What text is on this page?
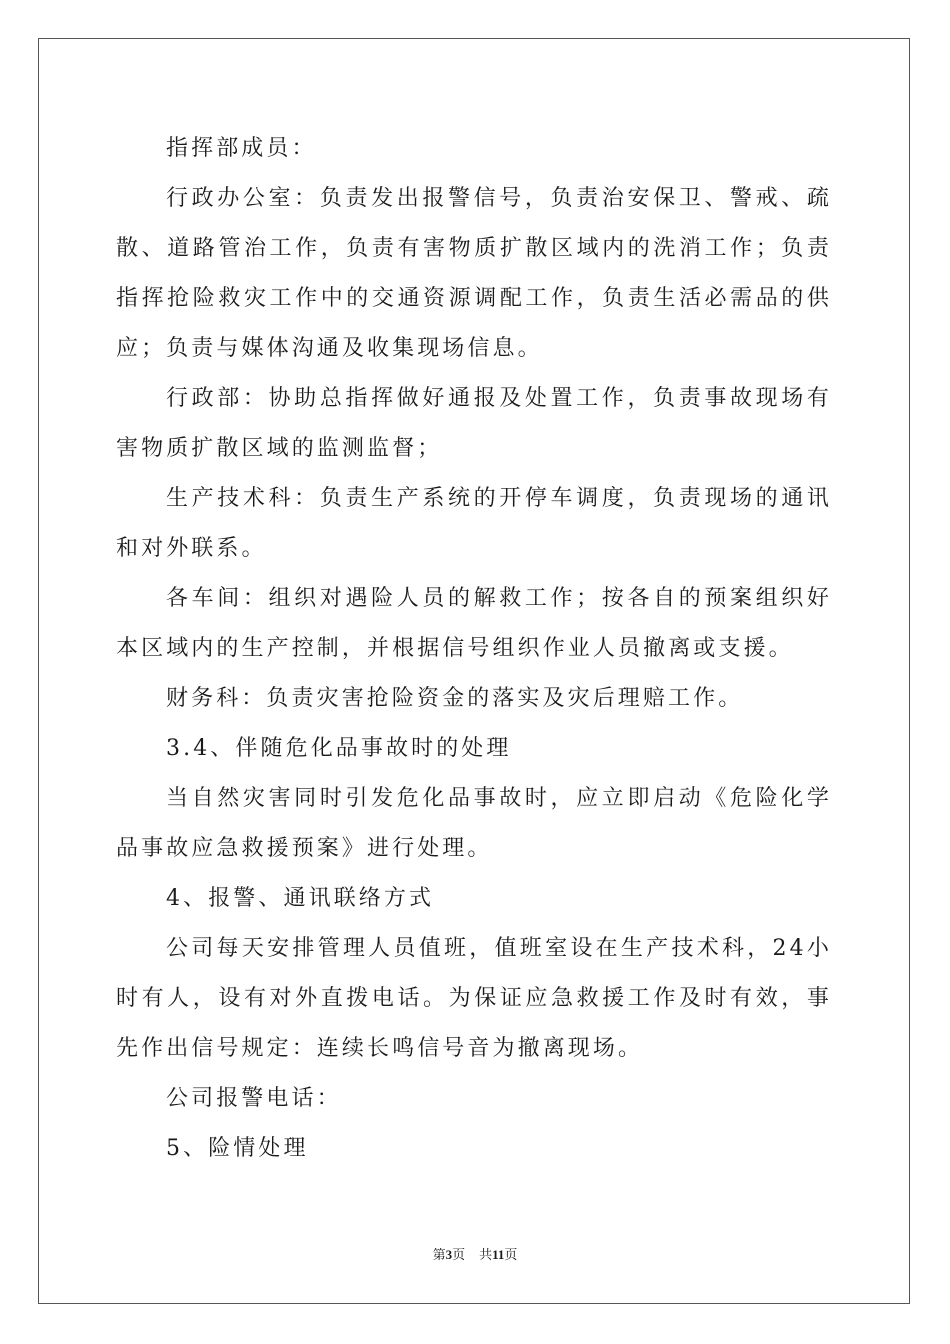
指挥部成员：

行政办公室：负责发出报警信号，负责治安保卫、警戒、疏散、道路管治工作，负责有害物质扩散区域内的洗消工作；负责指挥抢险救灾工作中的交通资源调配工作，负责生活必需品的供应；负责与媒体沟通及收集现场信息。

行政部：协助总指挥做好通报及处置工作，负责事故现场有害物质扩散区域的监测监督；

生产技术科：负责生产系统的开停车调度，负责现场的通讯和对外联系。

各车间：组织对遇险人员的解救工作；按各自的预案组织好本区域内的生产控制，并根据信号组织作业人员撤离或支援。

财务科：负责灾害抢险资金的落实及灾后理赔工作。

3.4、伴随危化品事故时的处理

当自然灾害同时引发危化品事故时，应立即启动《危险化学品事故应急救援预案》进行处理。

4、报警、通讯联络方式

公司每天安排管理人员值班，值班室设在生产技术科，24小时有人，设有对外直拨电话。为保证应急救援工作及时有效，事先作出信号规定：连续长鸣信号音为撤离现场。

公司报警电话：

5、险情处理

第3页 共11页
